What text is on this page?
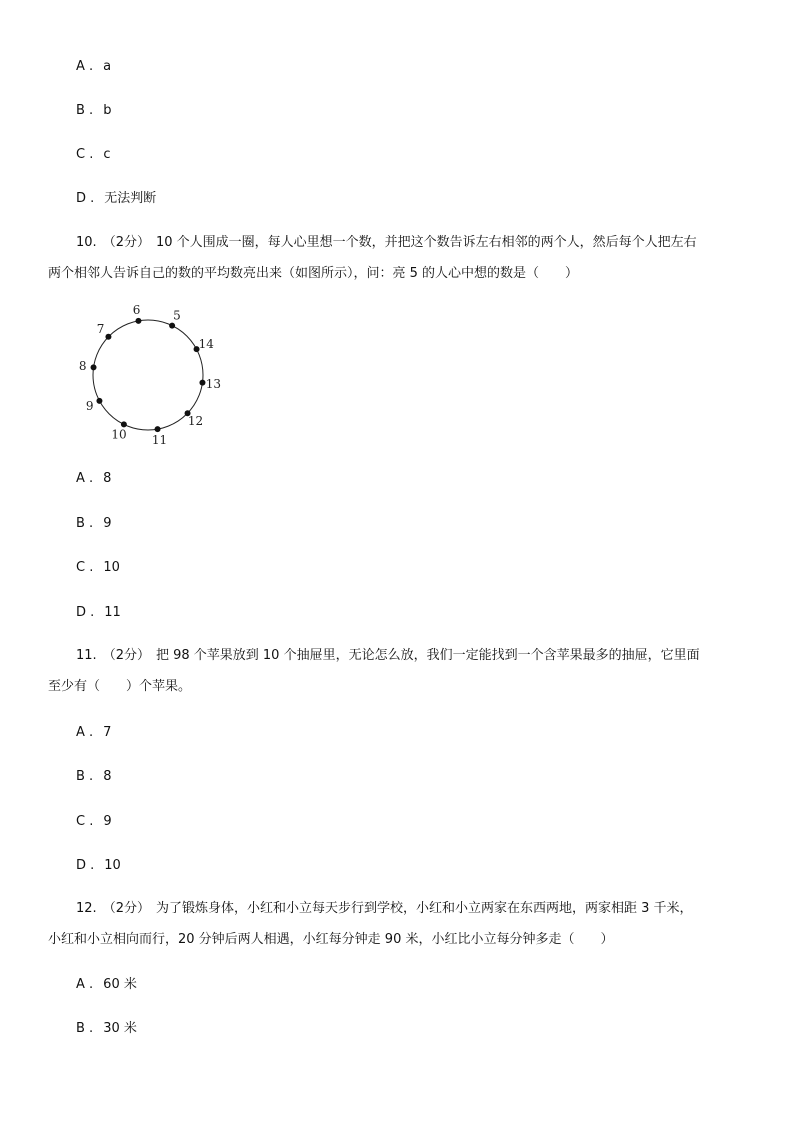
A . a
B . b
C . c
D . 无法判断
10. （2分） 10 个人围成一圈，每人心里想一个数，并把这个数告诉左右相邻的两个人，然后每个人把左右
两个相邻人告诉自己的数的平均数亮出来（如图所示），问：亮 5 的人心中想的数是（　　）
6	5
14
13
12
11
10
9
8
7
A . 8
B . 9
C . 10
D . 11
11. （2分） 把 98 个苹果放到 10 个抽屉里，无论怎么放，我们一定能找到一个含苹果最多的抽屉，它里面
至少有（　　）个苹果。
A . 7
B . 8
C . 9
D . 10
12. （2分） 为了锻炼身体，小红和小立每天步行到学校，小红和小立两家在东西两地，两家相距 3 千米，
小红和小立相向而行，20 分钟后两人相遇，小红每分钟走 90 米，小红比小立每分钟多走（　　）
A . 60 米
B . 30 米
